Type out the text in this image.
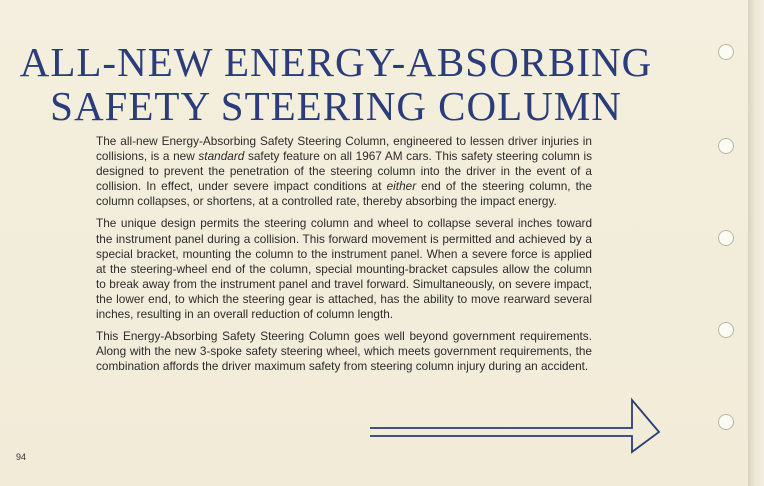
ALL-NEW ENERGY-ABSORBING
SAFETY STEERING COLUMN

The all-new Energy-Absorbing Safety Steering Column, engineered to lessen driver injuries in collisions, is a new standard safety feature on all 1967 AM cars. This safety steering column is designed to prevent the penetration of the steering column into the driver in the event of a collision. In effect, under severe impact conditions at either end of the steering column, the column collapses, or shortens, at a controlled rate, thereby absorbing the impact energy.

The unique design permits the steering column and wheel to collapse several inches toward the instrument panel during a collision. This forward movement is permitted and achieved by a special bracket, mounting the column to the instrument panel. When a severe force is applied at the steering-wheel end of the column, special mounting-bracket capsules allow the column to break away from the instrument panel and travel forward. Simultaneously, on severe impact, the lower end, to which the steering gear is attached, has the ability to move rearward several inches, resulting in an overall reduction of column length.

This Energy-Absorbing Safety Steering Column goes well beyond government requirements. Along with the new 3-spoke safety steering wheel, which meets government requirements, the combination affords the driver maximum safety from steering column injury during an accident.

94
